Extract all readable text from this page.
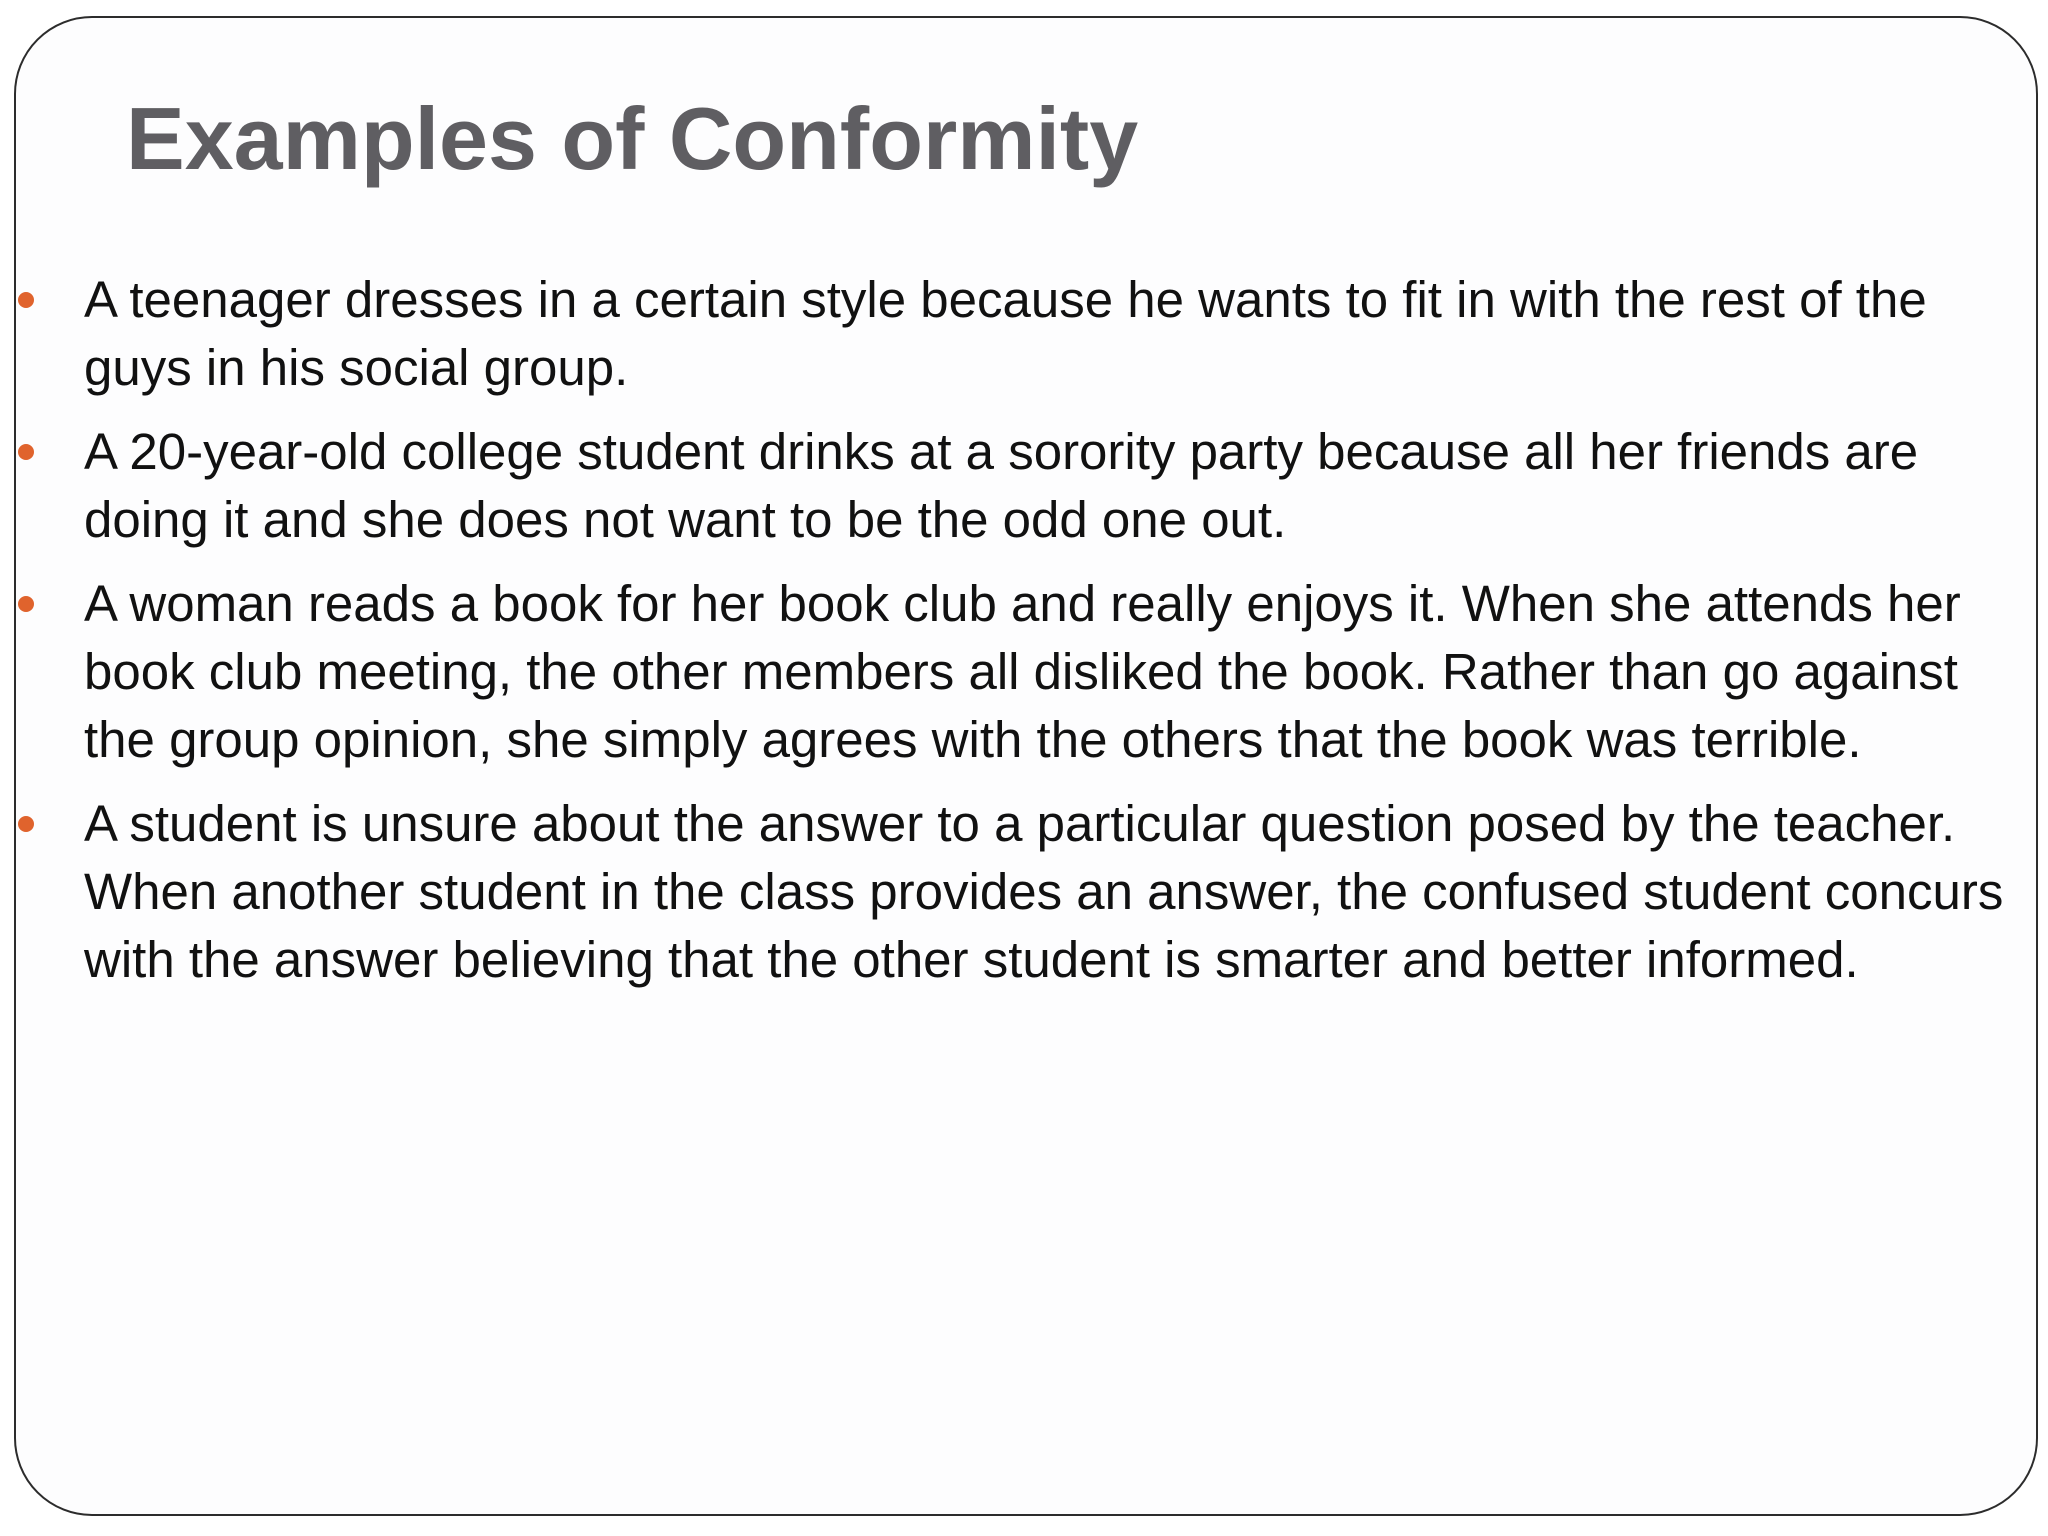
Examples of Conformity
A teenager dresses in a certain style because he wants to fit in with the rest of the guys in his social group.
A 20-year-old college student drinks at a sorority party because all her friends are doing it and she does not want to be the odd one out.
A woman reads a book for her book club and really enjoys it. When she attends her book club meeting, the other members all disliked the book. Rather than go against the group opinion, she simply agrees with the others that the book was terrible.
A student is unsure about the answer to a particular question posed by the teacher. When another student in the class provides an answer, the confused student concurs with the answer believing that the other student is smarter and better informed.
